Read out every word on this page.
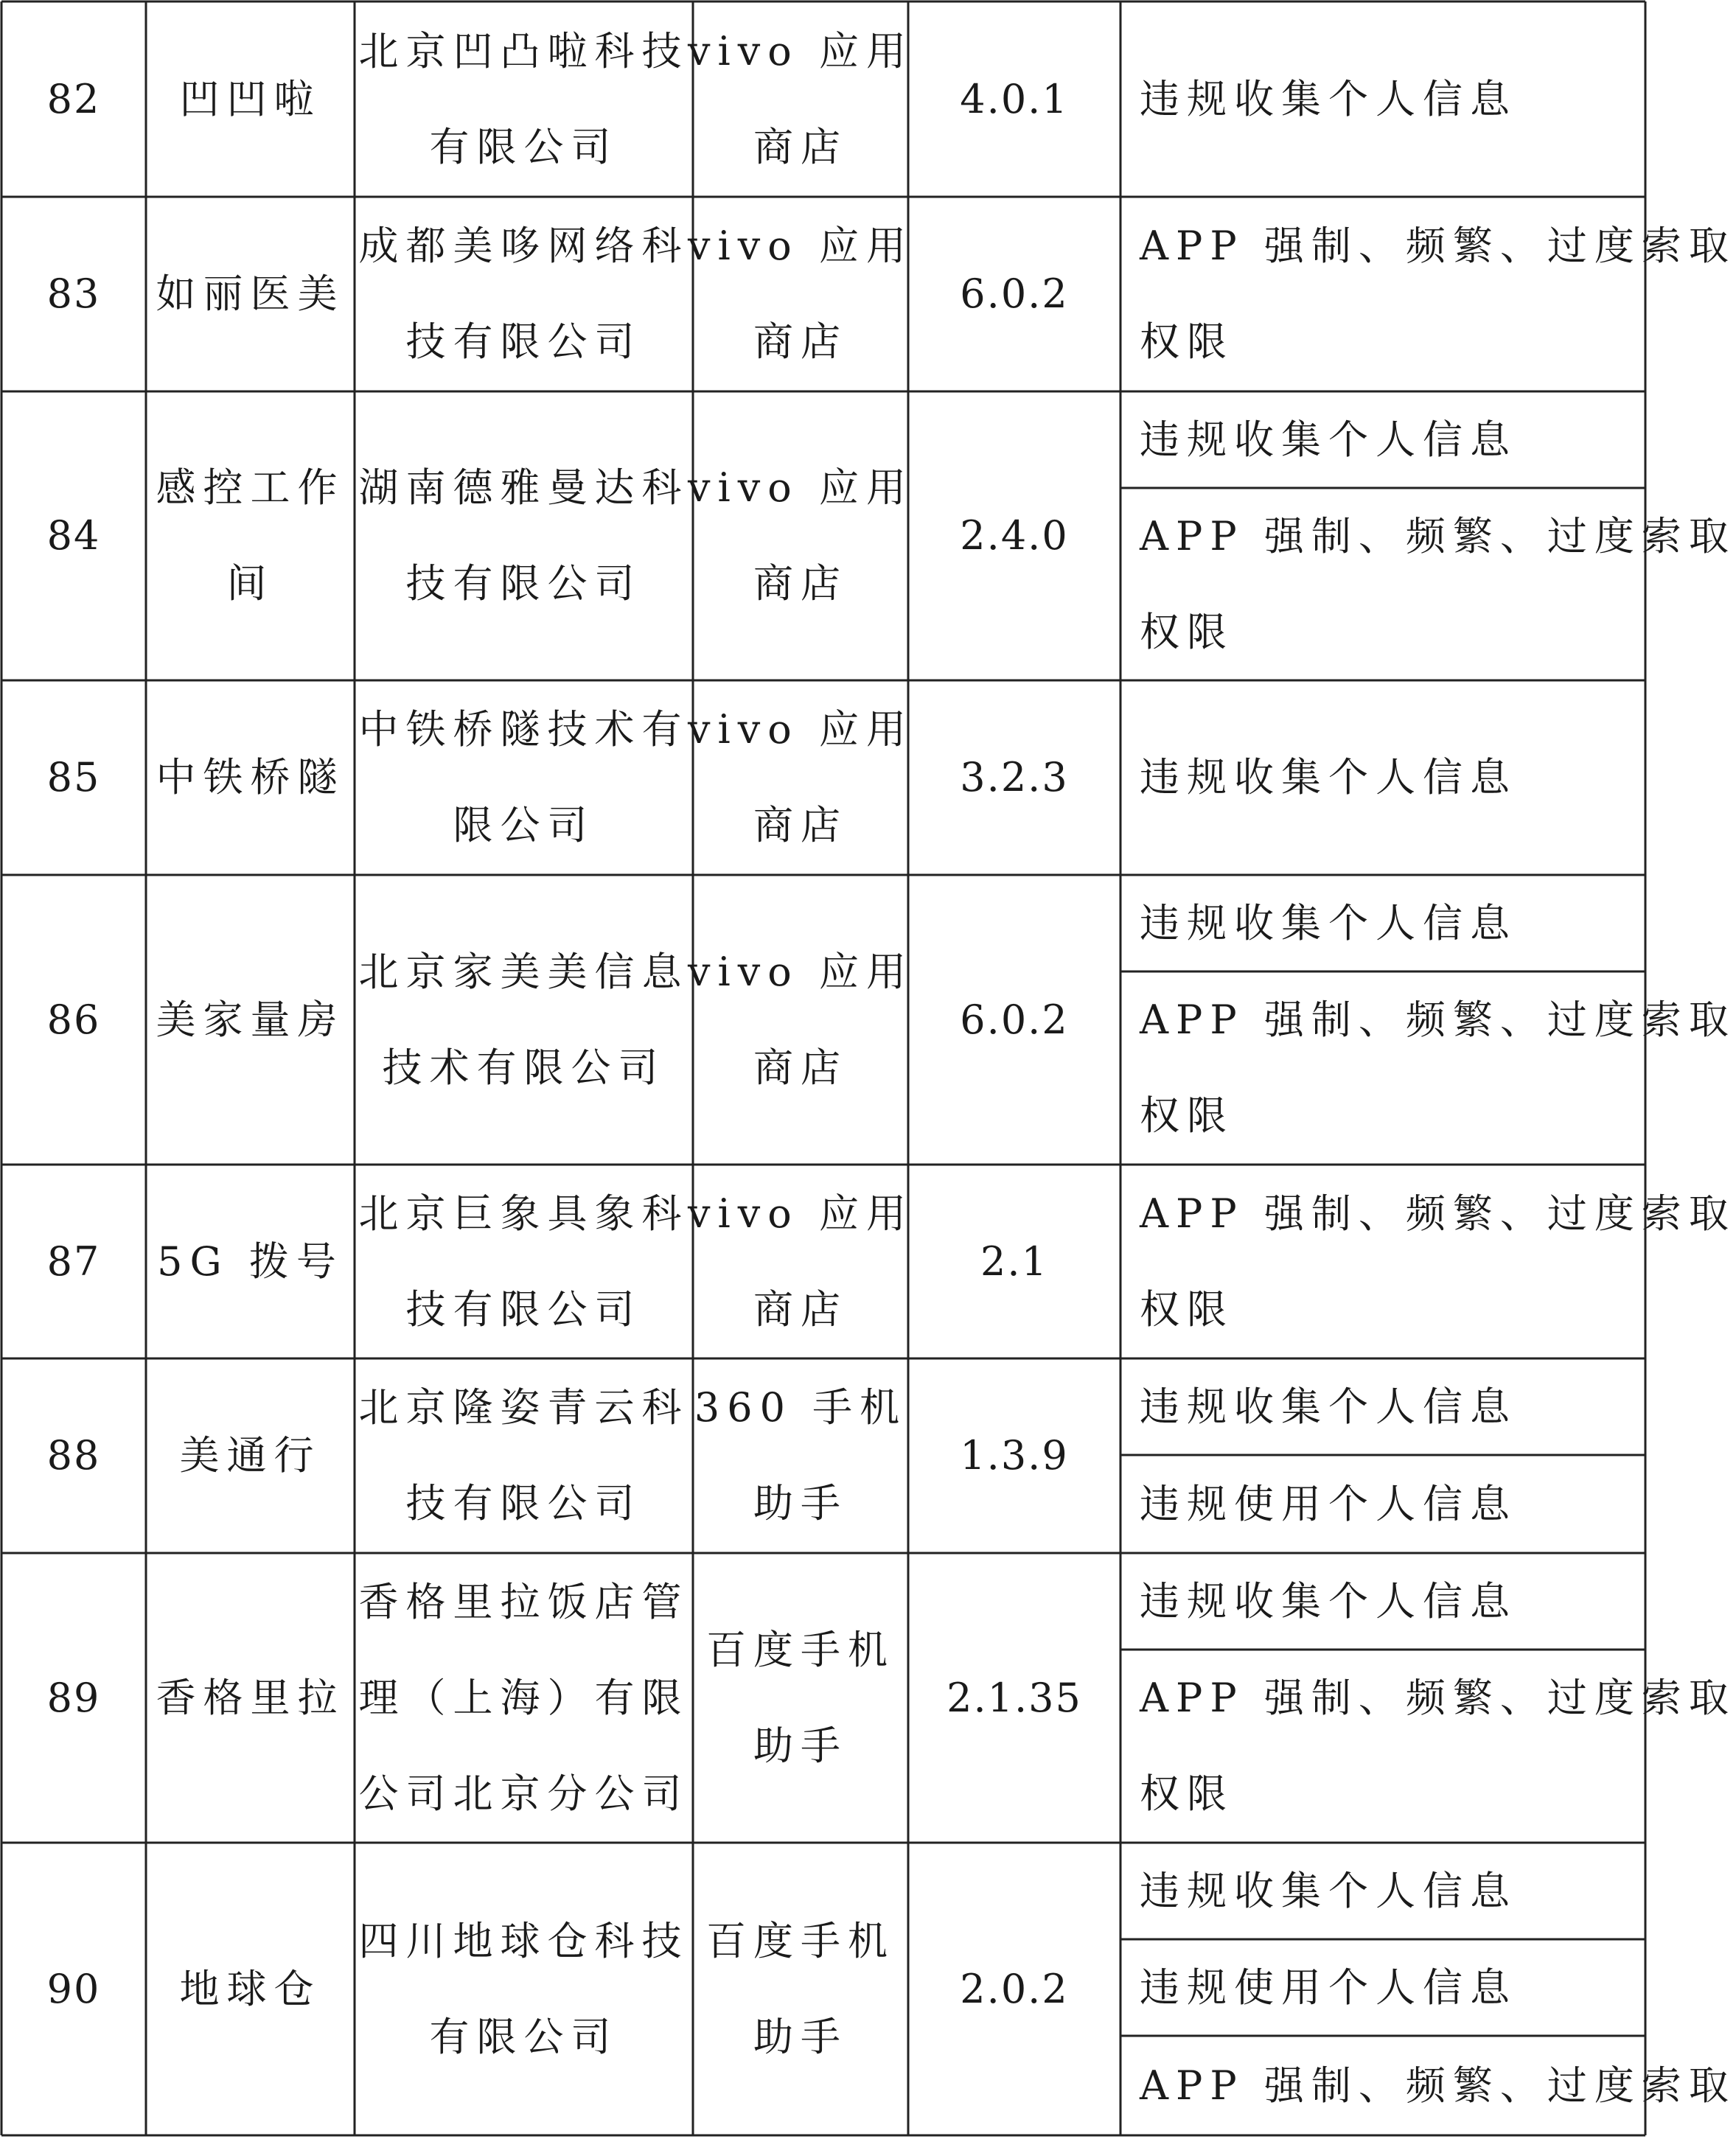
82 凹凹啦
北京凹凸啦科技
有限公司
vivo 应用
商店
4.0.1 违规收集个人信息
83 如丽医美
成都美哆网络科
技有限公司
vivo 应用
商店
6.0.2
APP 强制、频繁、过度索取
权限
84
感控工作
间
湖南德雅曼达科
技有限公司
vivo 应用
商店
2.4.0
违规收集个人信息
APP 强制、频繁、过度索取
权限
85 中铁桥隧
中铁桥隧技术有
限公司
vivo 应用
商店
3.2.3 违规收集个人信息
86 美家量房
北京家美美信息
技术有限公司
vivo 应用
商店
6.0.2
违规收集个人信息
APP 强制、频繁、过度索取
权限
87 5G 拨号
北京巨象具象科
技有限公司
vivo 应用
商店
2.1
APP 强制、频繁、过度索取
权限
88 美通行
北京隆姿青云科
技有限公司
360 手机
助手
1.3.9
违规收集个人信息
违规使用个人信息
89 香格里拉
香格里拉饭店管
理（上海）有限
公司北京分公司
百度手机
助手
2.1.35
违规收集个人信息
APP 强制、频繁、过度索取
权限
90 地球仓
四川地球仓科技
有限公司
百度手机
助手
2.0.2
违规收集个人信息
违规使用个人信息
APP 强制、频繁、过度索取
